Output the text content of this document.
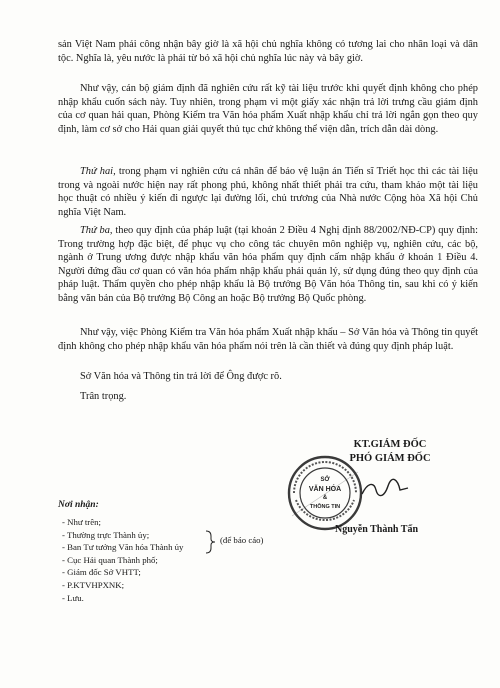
sản Việt Nam phải công nhận bây giờ là xã hội chủ nghĩa không có tương lai cho nhân loại và dân tộc. Nghĩa là, yêu nước là phải từ bỏ xã hội chủ nghĩa lúc này và bây giờ.

Như vậy, cán bộ giám định đã nghiên cứu rất kỹ tài liệu trước khi quyết định không cho phép nhập khẩu cuốn sách này. Tuy nhiên, trong phạm vi một giấy xác nhận trả lời trưng cầu giám định của cơ quan hải quan, Phòng Kiểm tra Văn hóa phẩm Xuất nhập khẩu chỉ trả lời ngắn gọn theo quy định, làm cơ sở cho Hải quan giải quyết thủ tục chứ không thể viện dẫn, trích dẫn dài dòng.

Thứ hai, trong phạm vi nghiên cứu cá nhân để bảo vệ luận án Tiến sĩ Triết học thì các tài liệu trong và ngoài nước hiện nay rất phong phú, không nhất thiết phải tra cứu, tham khảo một tài liệu học thuật có nhiều ý kiến đi ngược lại đường lối, chủ trương của Nhà nước Cộng hòa Xã hội Chủ nghĩa Việt Nam.

Thứ ba, theo quy định của pháp luật (tại khoản 2 Điều 4 Nghị định 88/2002/NĐ-CP) quy định: Trong trường hợp đặc biệt, để phục vụ cho công tác chuyên môn nghiệp vụ, nghiên cứu, các bộ, ngành ở Trung ương được nhập khẩu văn hóa phẩm quy định cấm nhập khẩu ở khoản 1 Điều 4. Người đứng đầu cơ quan có văn hóa phẩm nhập khẩu phải quản lý, sử dụng đúng theo quy định của pháp luật. Thẩm quyền cho phép nhập khẩu là Bộ trưởng Bộ Văn hóa Thông tin, sau khi có ý kiến bằng văn bản của Bộ trưởng Bộ Công an hoặc Bộ trưởng Bộ Quốc phòng.

Như vậy, việc Phòng Kiểm tra Văn hóa phẩm Xuất nhập khẩu – Sở Văn hóa và Thông tin quyết định không cho phép nhập khẩu văn hóa phẩm nói trên là cần thiết và đúng quy định pháp luật.

Sở Văn hóa và Thông tin trả lời để Ông được rõ.

Trân trọng.

KT.GIÁM ĐỐC
PHÓ GIÁM ĐỐC
SỞ
VĂN HÓA
&
THÔNG TIN
Nguyễn Thành Tấn
Nơi nhận:
- Như trên;
- Thường trực Thành ủy;
- Ban Tư tưởng Văn hóa Thành ủy
- Cục Hải quan Thành phố;
- Giám đốc Sở VHTT;
- P.KTVHPXNK;
- Lưu.
(để báo cáo)
